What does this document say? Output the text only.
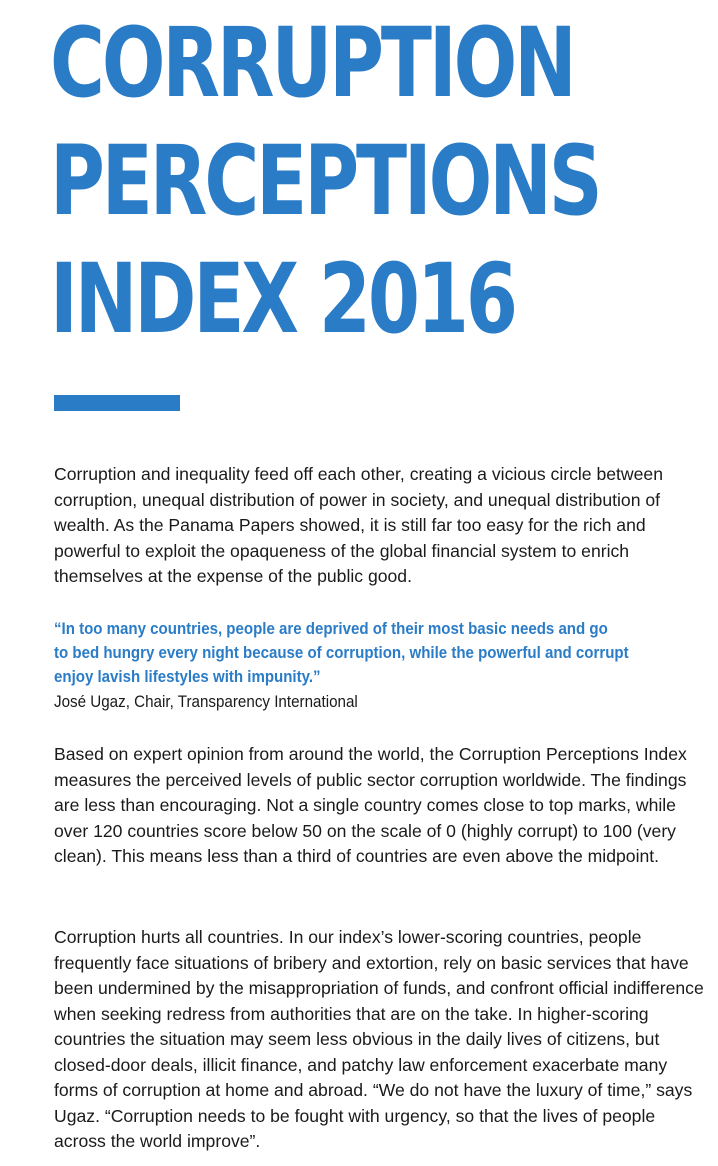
CORRUPTION
PERCEPTIONS
INDEX 2016

Corruption and inequality feed off each other, creating a vicious circle between corruption, unequal distribution of power in society, and unequal distribution of wealth. As the Panama Papers showed, it is still far too easy for the rich and powerful to exploit the opaqueness of the global financial system to enrich themselves at the expense of the public good.

“In too many countries, people are deprived of their most basic needs and go
to bed hungry every night because of corruption, while the powerful and corrupt
enjoy lavish lifestyles with impunity.”

José Ugaz, Chair, Transparency International

Based on expert opinion from around the world, the Corruption Perceptions Index measures the perceived levels of public sector corruption worldwide. The findings are less than encouraging. Not a single country comes close to top marks, while over 120 countries score below 50 on the scale of 0 (highly corrupt) to 100 (very clean). This means less than a third of countries are even above the midpoint.

Corruption hurts all countries. In our index’s lower-scoring countries, people frequently face situations of bribery and extortion, rely on basic services that have been undermined by the misappropriation of funds, and confront official indifference when seeking redress from authorities that are on the take. In higher-scoring countries the situation may seem less obvious in the daily lives of citizens, but closed-door deals, illicit finance, and patchy law enforcement exacerbate many forms of corruption at home and abroad. “We do not have the luxury of time,” says Ugaz. “Corruption needs to be fought with urgency, so that the lives of people across the world improve”.
